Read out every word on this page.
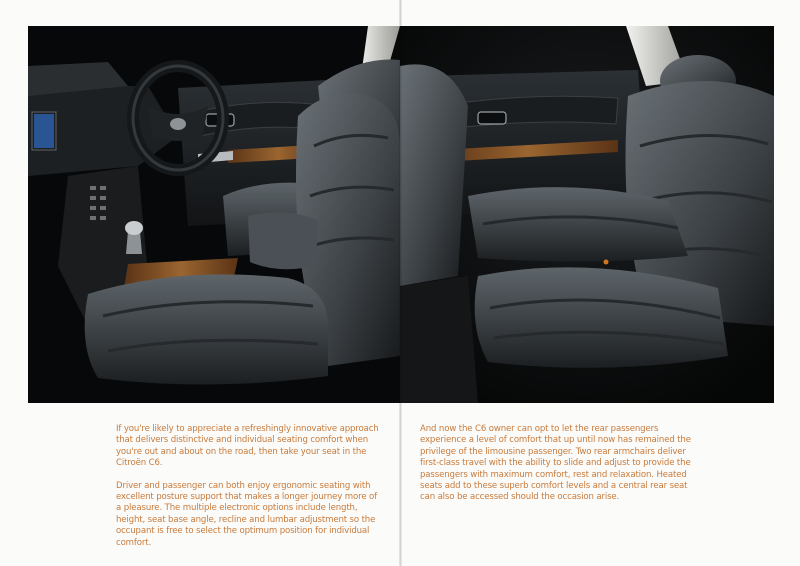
If you're likely to appreciate a refreshingly innovative approach that delivers distinctive and individual seating comfort when you're out and about on the road, then take your seat in the Citroën C6.

Driver and passenger can both enjoy ergonomic seating with excellent posture support that makes a longer journey more of a pleasure. The multiple electronic options include length, height, seat base angle, recline and lumbar adjustment so the occupant is free to select the optimum position for individual comfort.

And now the C6 owner can opt to let the rear passengers experience a level of comfort that up until now has remained the privilege of the limousine passenger. Two rear armchairs deliver first-class travel with the ability to slide and adjust to provide the passengers with maximum comfort, rest and relaxation. Heated seats add to these superb comfort levels and a central rear seat can also be accessed should the occasion arise.
